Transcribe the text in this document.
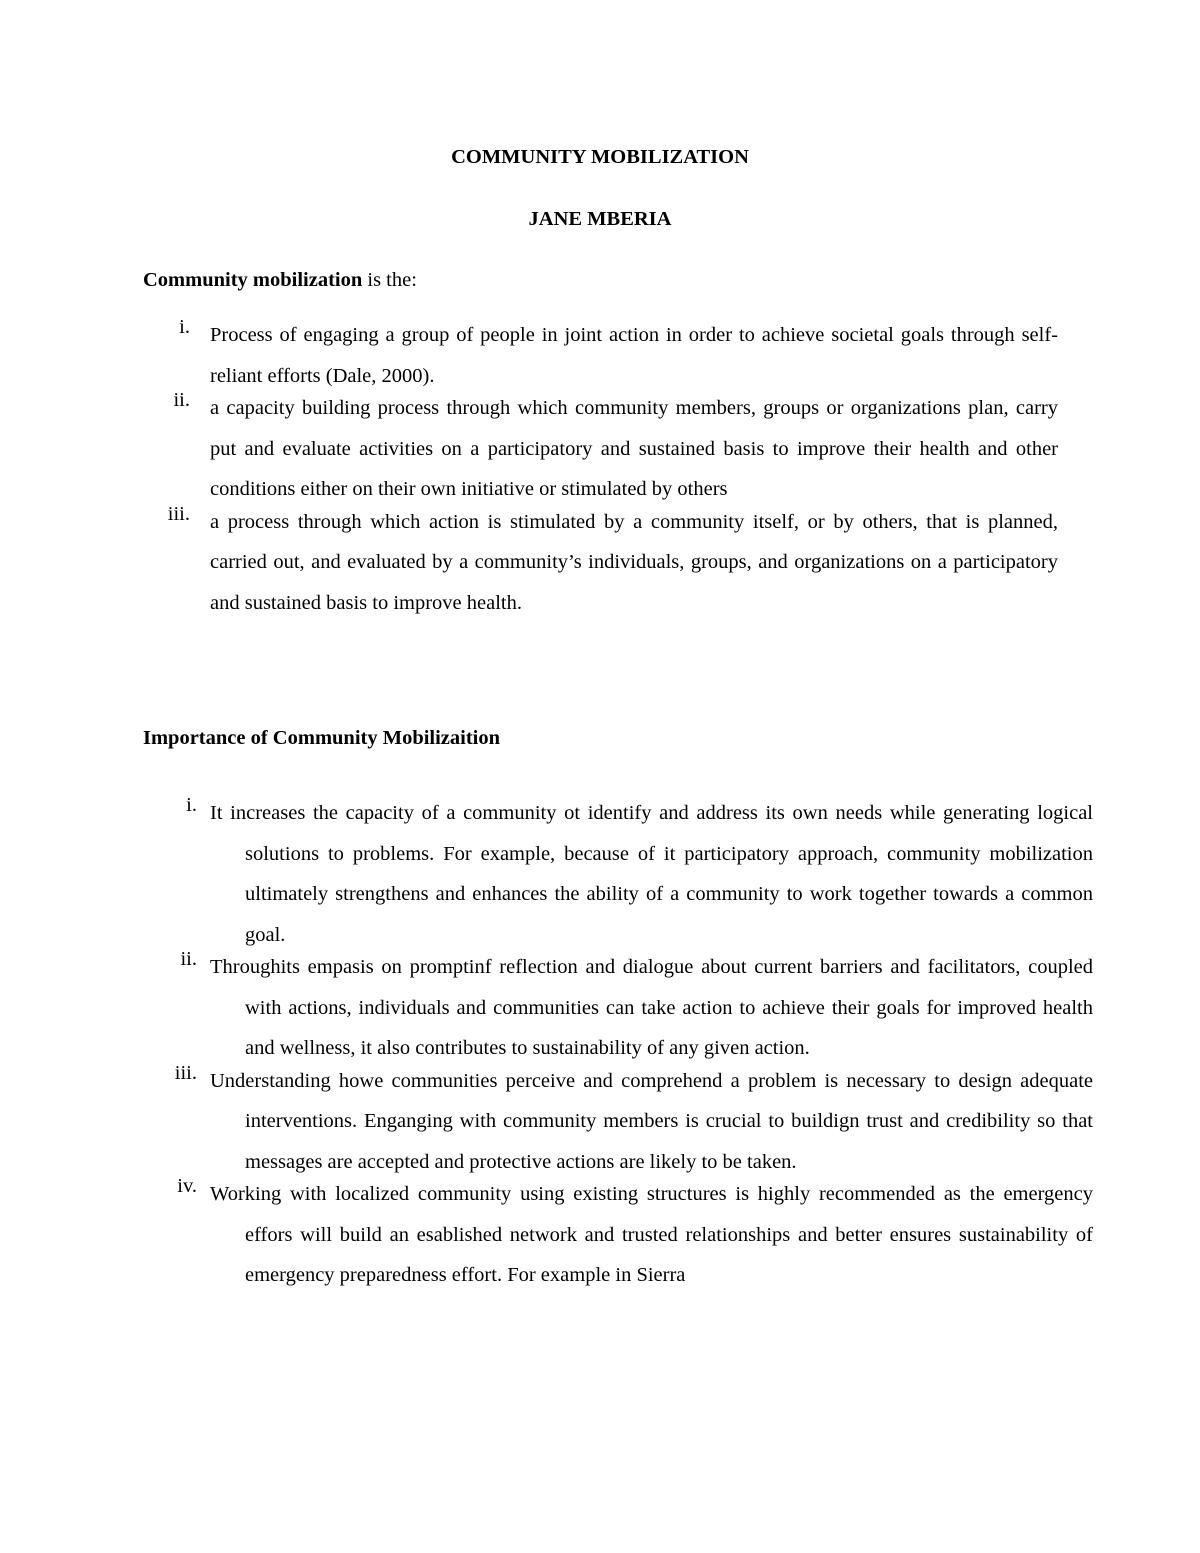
COMMUNITY MOBILIZATION
JANE MBERIA
Community mobilization is the:
i. Process of engaging a group of people in joint action in order to achieve societal goals through self-reliant efforts (Dale, 2000).
ii. a capacity building process through which community members, groups or organizations plan, carry put and evaluate activities on a participatory and sustained basis to improve their health and other conditions either on their own initiative or stimulated by others
iii. a process through which action is stimulated by a community itself, or by others, that is planned, carried out, and evaluated by a community’s individuals, groups, and organizations on a participatory and sustained basis to improve health.
Importance of Community Mobilizaition
i. It increases the capacity of a community ot identify and address its own needs while generating logical solutions to problems. For example, because of it participatory approach, community mobilization ultimately strengthens and enhances the ability of a community to work together towards a common goal.
ii. Throughits empasis on promptinf reflection and dialogue about current barriers and facilitators, coupled with actions, individuals and communities can take action to achieve their goals for improved health and wellness, it also contributes to sustainability of any given action.
iii. Understanding howe communities perceive and comprehend a problem is necessary to design adequate interventions. Enganging with community members is crucial to buildign trust and credibility so that messages are accepted and protective actions are likely to be taken.
iv. Working with localized community using existing structures is highly recommended as the emergency effors will build an esablished network and trusted relationships and better ensures sustainability of emergency preparedness effort. For example in Sierra
